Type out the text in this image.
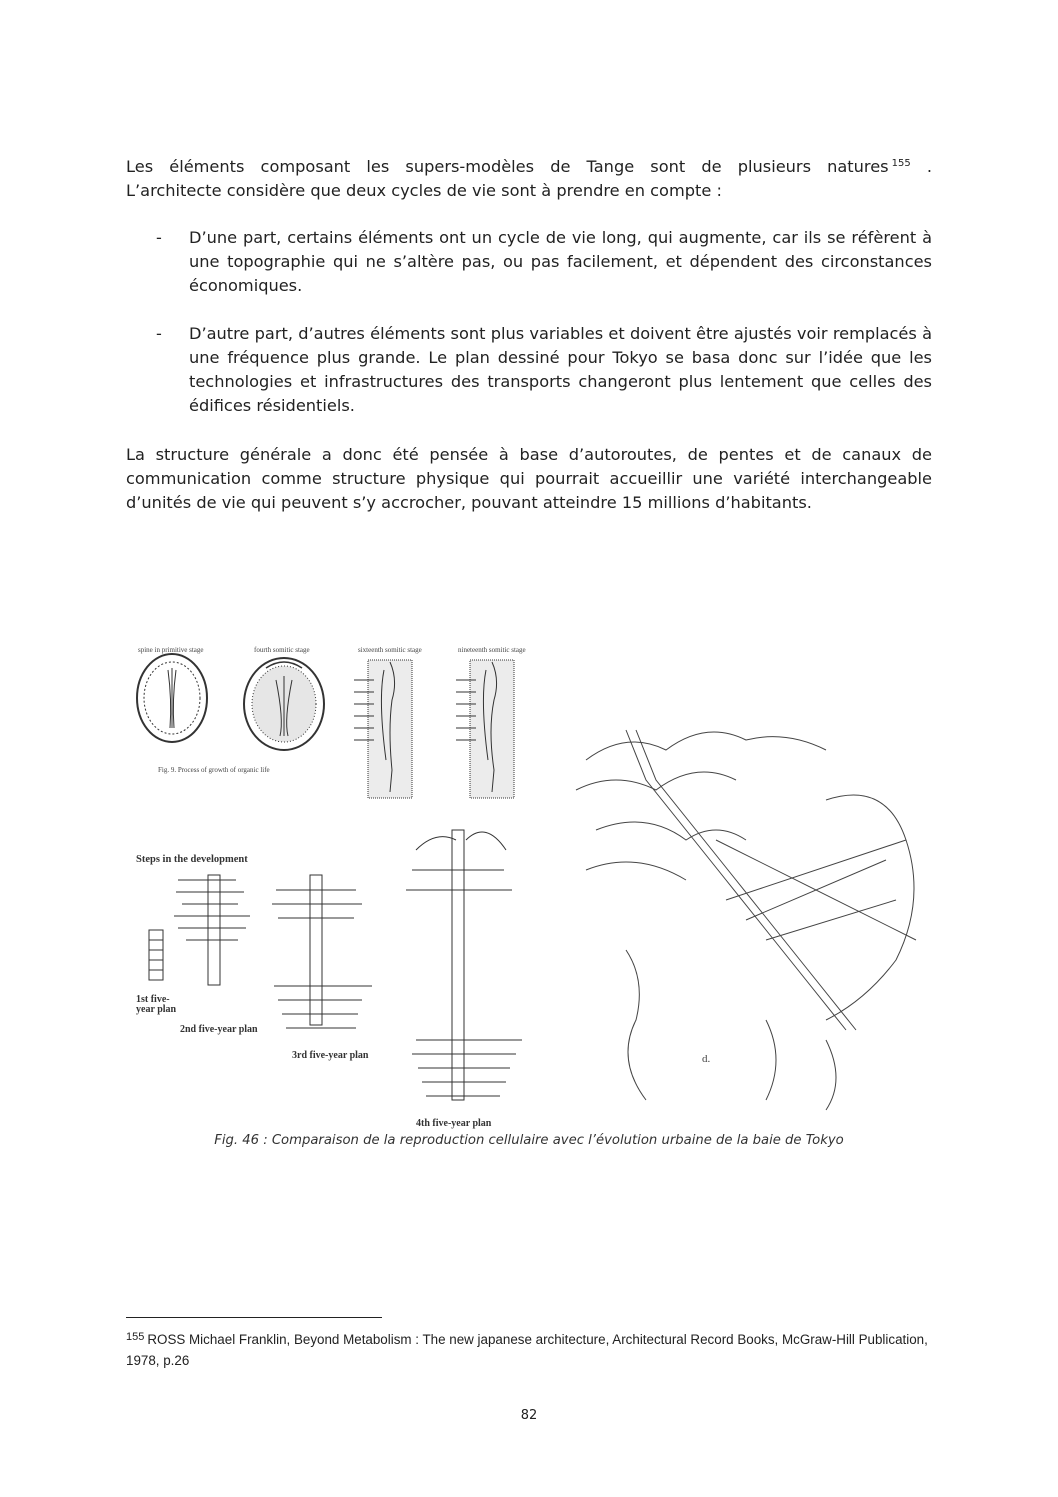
Les éléments composant les supers-modèles de Tange sont de plusieurs natures $^{155}$ .
L’architecte considère que deux cycles de vie sont à prendre en compte :

- D’une part, certains éléments ont un cycle de vie long, qui augmente, car ils se réfèrent à une topographie qui ne s’altère pas, ou pas facilement, et dépendent des circonstances économiques.
- D’autre part, d’autres éléments sont plus variables et doivent être ajustés voir remplacés à une fréquence plus grande. Le plan dessiné pour Tokyo se basa donc sur l’idée que les technologies et infrastructures des transports changeront plus lentement que celles des édifices résidentiels.

La structure générale a donc été pensée à base d’autoroutes, de pentes et de canaux de communication comme structure physique qui pourrait accueillir une variété interchangeable d’unités de vie qui peuvent s’y accrocher, pouvant atteindre 15 millions d’habitants.

spine in primitive stage	fourth somitic stage	sixteenth somitic stage	nineteenth somitic stage
Fig. 9. Process of growth of organic life
Steps in the development
1st five-
year plan
2nd five-year plan
3rd five-year plan
4th five-year plan
d.
Fig. 46 : Comparaison de la reproduction cellulaire avec l’évolution urbaine de la baie de Tokyo
$^{155}$ ROSS Michael Franklin, Beyond Metabolism : The new japanese architecture, Architectural Record Books, McGraw-Hill Publication, 1978, p.26
82
